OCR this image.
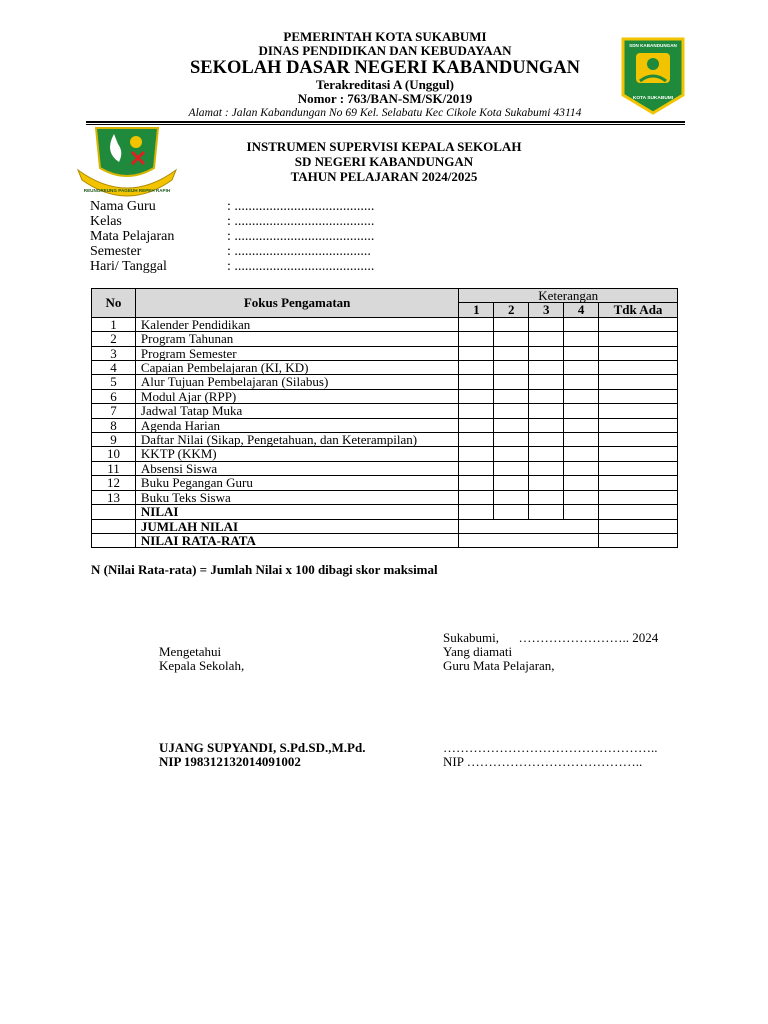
SDN KABANDUNGAN
KOTA SUKABUMI
PEMERINTAH KOTA SUKABUMI
DINAS PENDIDIKAN DAN KEBUDAYAAN
SEKOLAH DASAR NEGERI KABANDUNGAN
Terakreditasi A (Unggul)
Nomor : 763/BAN-SM/SK/2019
Alamat : Jalan Kabandungan No 69 Kel. Selabatu Kec Cikole Kota Sukabumi 43114
REUNGREUNG PAGEUH REPEH RAPIH
INSTRUMEN SUPERVISI KEPALA SEKOLAH
SD NEGERI KABANDUNGAN
TAHUN PELAJARAN 2024/2025
Nama Guru	: ........................................
Kelas	: ........................................
Mata Pelajaran	: ........................................
Semester	: .......................................
Hari/ Tanggal	: ........................................
No	Fokus Pengamatan	Keterangan				
		1	2	3	4	Tdk Ada
1	Kalender Pendidikan					
2	Program Tahunan					
3	Program Semester					
4	Capaian Pembelajaran (KI, KD)					
5	Alur Tujuan Pembelajaran (Silabus)					
6	Modul Ajar (RPP)					
7	Jadwal Tatap Muka					
8	Agenda Harian					
9	Daftar Nilai (Sikap, Pengetahuan, dan Keterampilan)					
10	KKTP (KKM)					
11	Absensi Siswa					
12	Buku Pegangan Guru					
13	Buku Teks Siswa					
	NILAI					
	JUMLAH NILAI					
	NILAI RATA-RATA					
N (Nilai Rata-rata) = Jumlah Nilai x 100 dibagi skor maksimal
Sukabumi,      …………………….. 2024
Mengetahui
Kepala Sekolah,
Yang diamati
Guru Mata Pelajaran,
UJANG SUPYANDI, S.Pd.SD.,M.Pd.
NIP 198312132014091002
…………………………………………..
NIP …………………………………..
